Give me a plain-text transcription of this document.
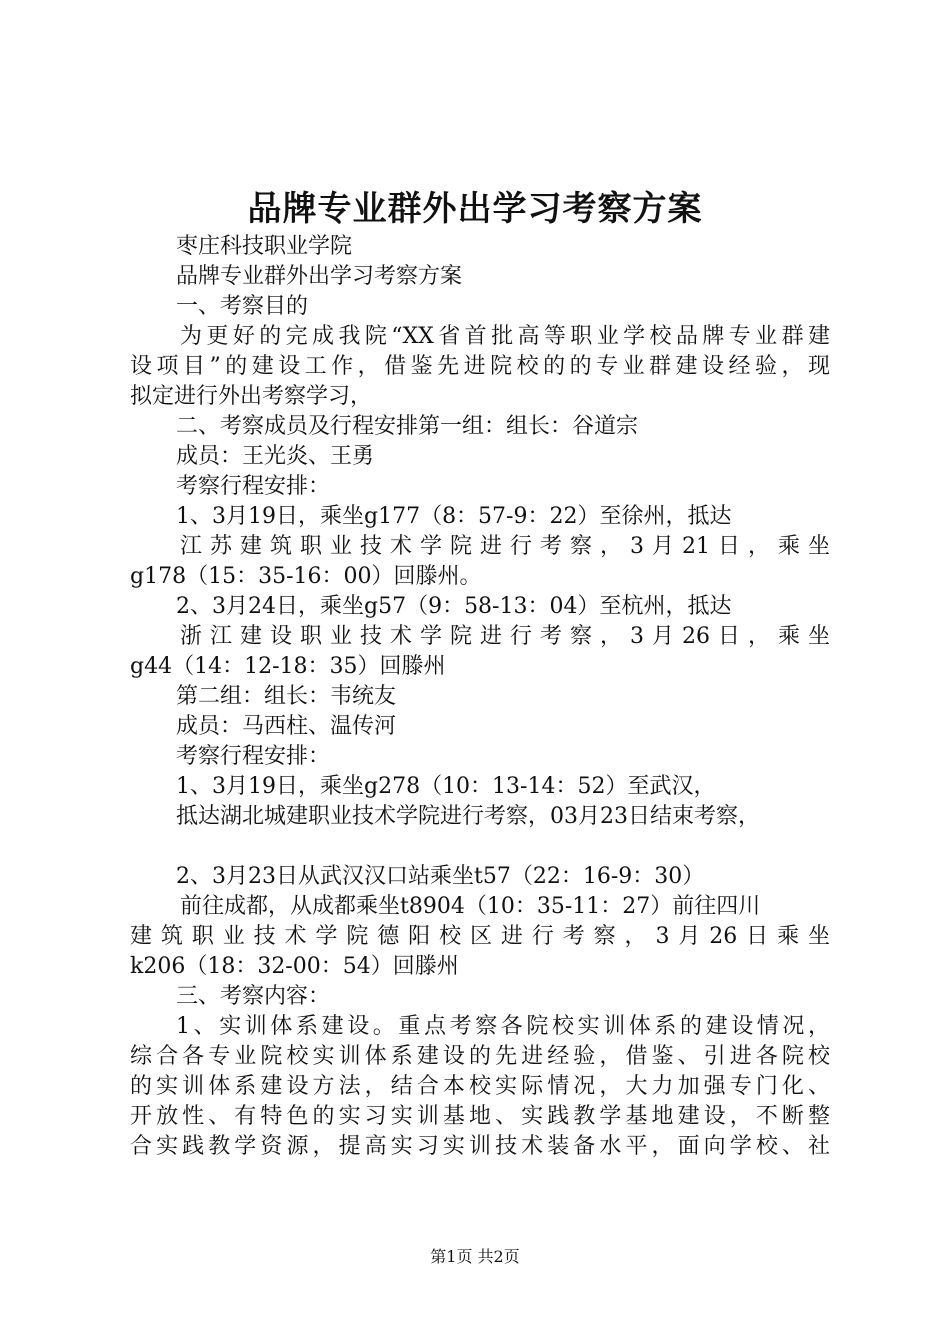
品牌专业群外出学习考察方案
枣庄科技职业学院
品牌专业群外出学习考察方案
一、考察目的
为更好的完成我院“XX省首批高等职业学校品牌专业群建
设项目”的建设工作，借鉴先进院校的的专业群建设经验，现
拟定进行外出考察学习，
二、考察成员及行程安排第一组：组长：谷道宗
成员：王光炎、王勇
考察行程安排：
1、3月19日，乘坐g177（8：57-9：22）至徐州，抵达
江苏建筑职业技术学院进行考察，3月21日，乘坐
g178（15：35-16：00）回滕州。
2、3月24日，乘坐g57（9：58-13：04）至杭州，抵达
浙江建设职业技术学院进行考察，3月26日，乘坐
g44（14：12-18：35）回滕州
第二组：组长：韦统友
成员：马西柱、温传河
考察行程安排：
1、3月19日，乘坐g278（10：13-14：52）至武汉，
抵达湖北城建职业技术学院进行考察，03月23日结束考察，
2、3月23日从武汉汉口站乘坐t57（22：16-9：30）
前往成都，从成都乘坐t8904（10：35-11：27）前往四川
建筑职业技术学院德阳校区进行考察，3月26日乘坐
k206（18：32-00：54）回滕州
三、考察内容：
1、实训体系建设。重点考察各院校实训体系的建设情况，
综合各专业院校实训体系建设的先进经验，借鉴、引进各院校
的实训体系建设方法，结合本校实际情况，大力加强专门化、
开放性、有特色的实习实训基地、实践教学基地建设，不断整
合实践教学资源，提高实习实训技术装备水平，面向学校、社
第1页 共2页
